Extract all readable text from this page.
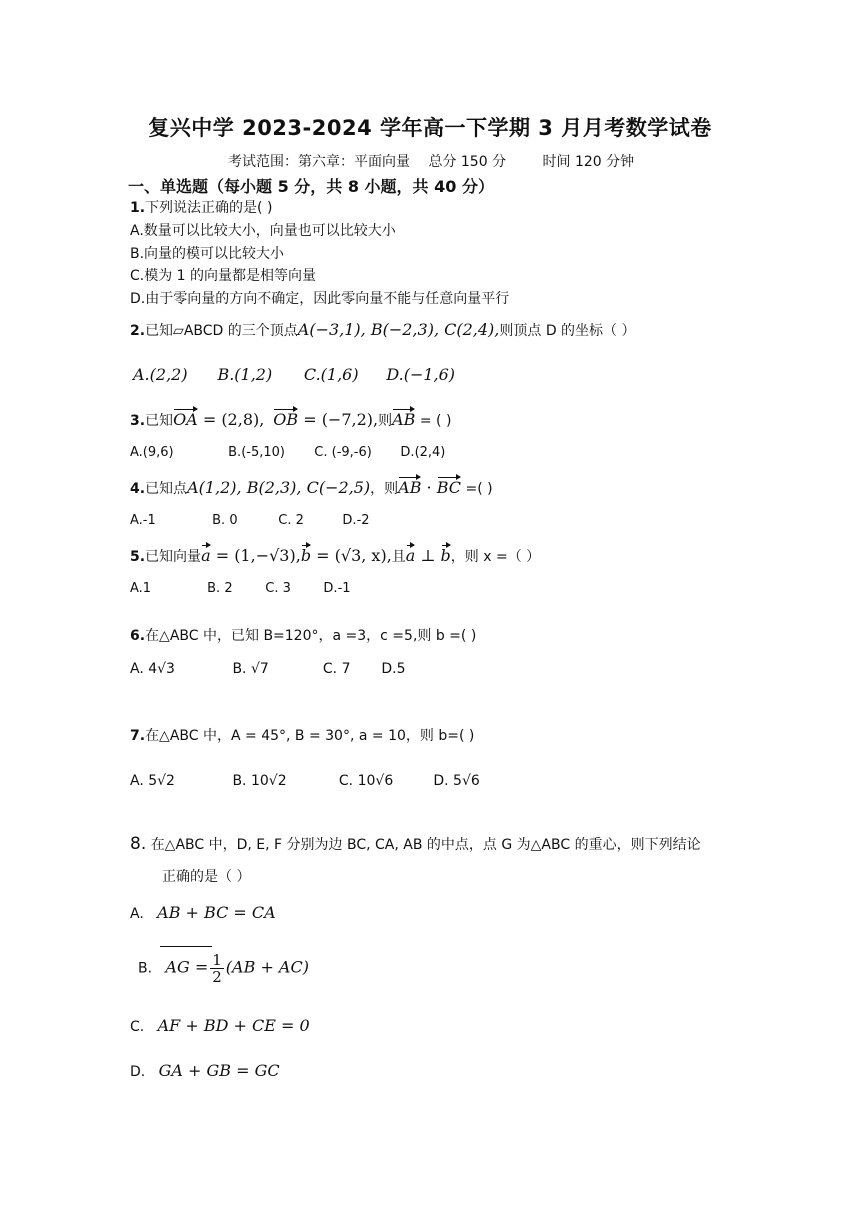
复兴中学 2023-2024 学年高一下学期 3 月月考数学试卷
考试范围：第六章：平面向量 总分 150 分	时间 120 分钟
一、单选题（每小题 5 分，共 8 小题，共 40 分）
1.下列说法正确的是( )
A.数量可以比较大小，向量也可以比较大小
B.向量的模可以比较大小
C.模为 1 的向量都是相等向量
D.由于零向量的方向不确定，因此零向量不能与任意向量平行
2.已知▱ABCD 的三个顶点A(−3,1), B(−2,3), C(2,4),则顶点 D 的坐标（ ）
A.(2,2) B.(1,2) C.(1,6) D.(−1,6)
3.已知OA = (2,8), OB = (−7,2),则AB = ( )
A.(9,6)	B.(-5,10) C. (-9,-6) D.(2,4)
4.已知点A(1,2), B(2,3), C(−2,5)，则AB · BC =( )
A.-1	B. 0	C. 2	D.-2
5.已知向量a = (1,−√3),b = (√3, x),且a ⊥ b，则 x =（ ）
A.1	B. 2	C. 3	D.-1
6.在△ABC 中，已知 B=120°，a =3，c =5,则 b =( )
A. 4√3	B. √7	C. 7 D.5
7.在△ABC 中，A = 45°, B = 30°, a = 10，则 b=( )
A. 5√2	B. 10√2	C. 10√6	D. 5√6
8. 在△ABC 中，D, E, F 分别为边 BC, CA, AB 的中点，点 G 为△ABC 的重心，则下列结论
正确的是（ ）
A. AB + BC = CA
B. AG = $\frac{1}{2} (AB + AC)$
C. AF + BD + CE = 0
D. GA + GB = GC
